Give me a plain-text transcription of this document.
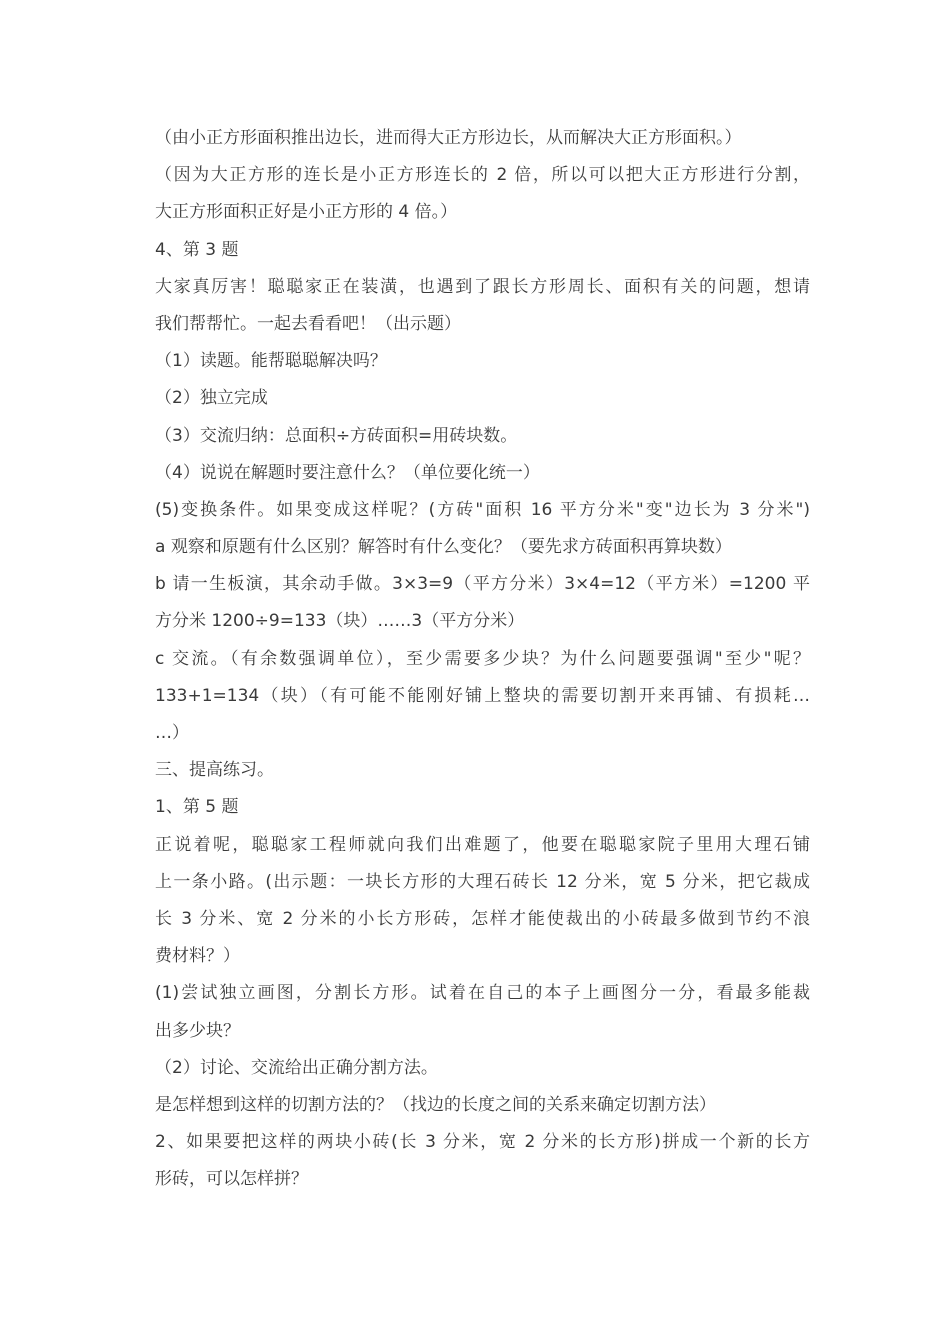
（由小正方形面积推出边长，进而得大正方形边长，从而解决大正方形面积。）
（因为大正方形的连长是小正方形连长的 2 倍，所以可以把大正方形进行分割，
大正方形面积正好是小正方形的 4 倍。）
4、第 3 题
大家真厉害！聪聪家正在装潢，也遇到了跟长方形周长、面积有关的问题，想请
我们帮帮忙。一起去看看吧！（出示题）
（1）读题。能帮聪聪解决吗？
（2）独立完成
（3）交流归纳：总面积÷方砖面积=用砖块数。
（4）说说在解题时要注意什么？（单位要化统一）
(5)变换条件。如果变成这样呢？(方砖"面积 16 平方分米"变"边长为 3 分米")
a 观察和原题有什么区别？解答时有什么变化？（要先求方砖面积再算块数）
b 请一生板演，其余动手做。3×3=9（平方分米）3×4=12（平方米）=1200 平
方分米 1200÷9=133（块）……3（平方分米）
c 交流。（有余数强调单位），至少需要多少块？为什么问题要强调"至少"呢？
133+1=134（块）（有可能不能刚好铺上整块的需要切割开来再铺、有损耗…
…）
三、提高练习。
1、第 5 题
正说着呢，聪聪家工程师就向我们出难题了，他要在聪聪家院子里用大理石铺
上一条小路。(出示题：一块长方形的大理石砖长 12 分米，宽 5 分米，把它裁成
长 3 分米、宽 2 分米的小长方形砖，怎样才能使裁出的小砖最多做到节约不浪
费材料？）
(1)尝试独立画图，分割长方形。试着在自己的本子上画图分一分，看最多能裁
出多少块？
（2）讨论、交流给出正确分割方法。
是怎样想到这样的切割方法的？（找边的长度之间的关系来确定切割方法）
2、如果要把这样的两块小砖(长 3 分米，宽 2 分米的长方形)拼成一个新的长方
形砖，可以怎样拼？
